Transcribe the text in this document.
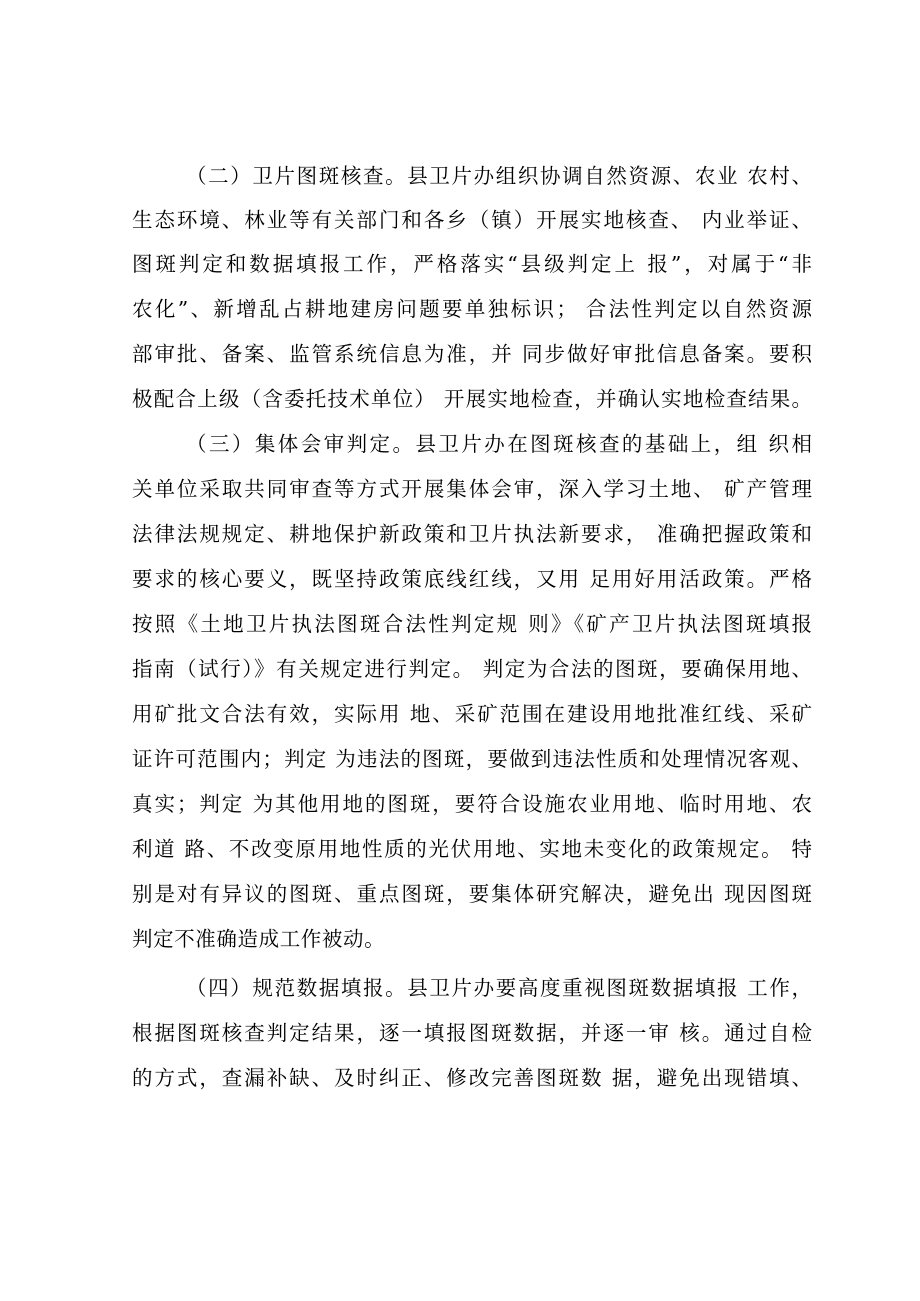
（二）卫片图斑核查。县卫片办组织协调自然资源、农业 农村、
生态环境、林业等有关部门和各乡（镇）开展实地核查、 内业举证、
图斑判定和数据填报工作，严格落实“县级判定上 报”，对属于“非
农化”、新增乱占耕地建房问题要单独标识； 合法性判定以自然资源
部审批、备案、监管系统信息为准，并 同步做好审批信息备案。要积
极配合上级（含委托技术单位） 开展实地检查，并确认实地检查结果。
（三）集体会审判定。县卫片办在图斑核查的基础上，组 织相
关单位采取共同审查等方式开展集体会审，深入学习土地、 矿产管理
法律法规规定、耕地保护新政策和卫片执法新要求， 准确把握政策和
要求的核心要义，既坚持政策底线红线，又用 足用好用活政策。严格
按照《土地卫片执法图斑合法性判定规 则》《矿产卫片执法图斑填报
指南（试行）》有关规定进行判定。 判定为合法的图斑，要确保用地、
用矿批文合法有效，实际用 地、采矿范围在建设用地批准红线、采矿
证许可范围内；判定 为违法的图斑，要做到违法性质和处理情况客观、
真实；判定 为其他用地的图斑，要符合设施农业用地、临时用地、农
利道 路、不改变原用地性质的光伏用地、实地未变化的政策规定。 特
别是对有异议的图斑、重点图斑，要集体研究解决，避免出 现因图斑
判定不准确造成工作被动。
（四）规范数据填报。县卫片办要高度重视图斑数据填报 工作，
根据图斑核查判定结果，逐一填报图斑数据，并逐一审 核。通过自检
的方式，查漏补缺、及时纠正、修改完善图斑数 据，避免出现错填、
